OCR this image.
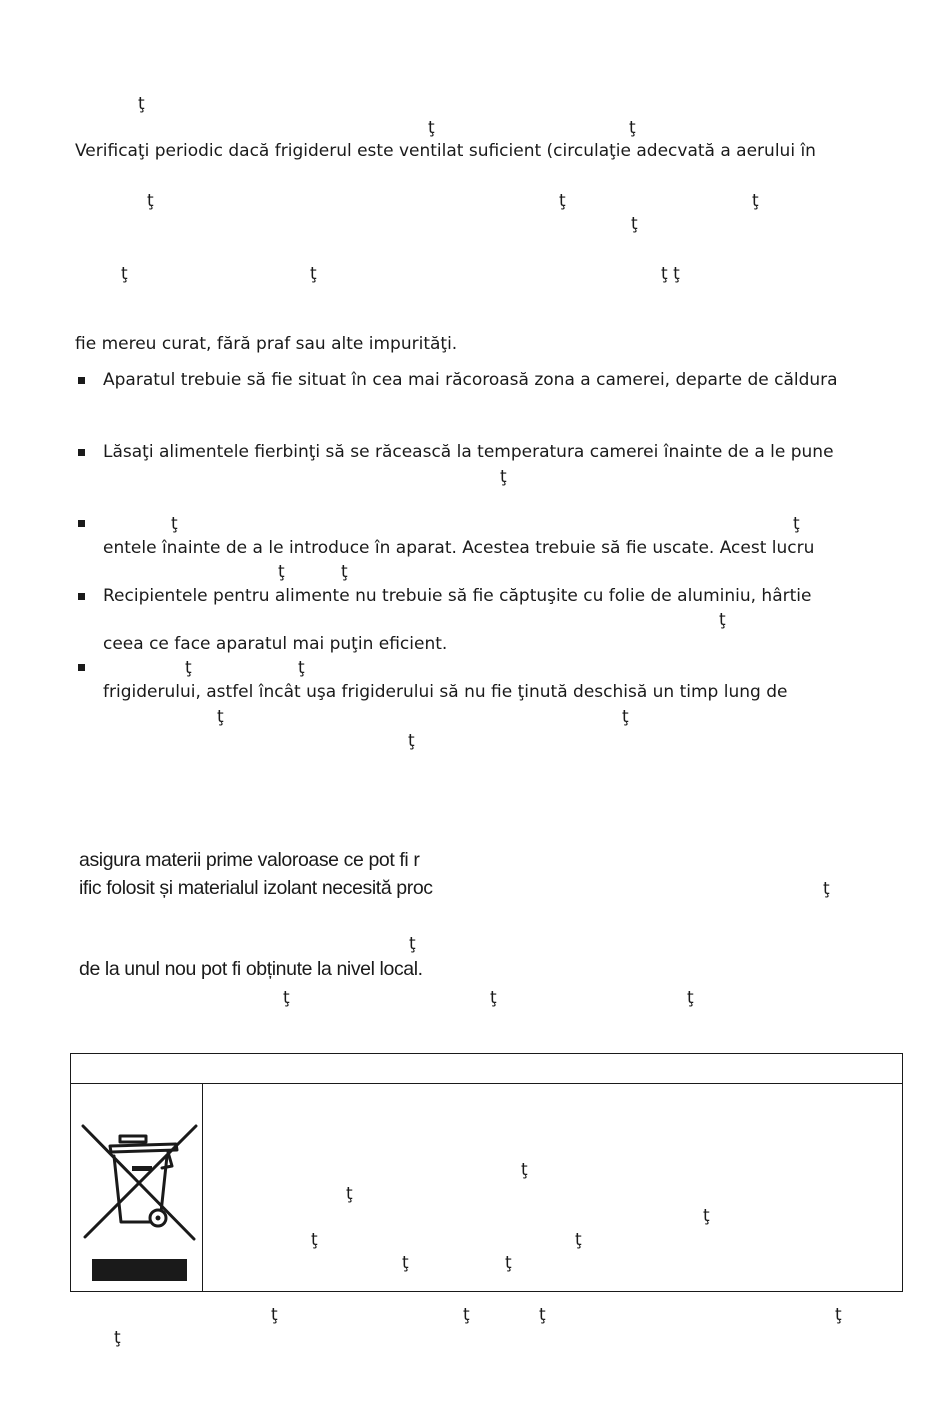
ţ
ţ	ţ
Verificaţi periodic dacă frigiderul este ventilat suficient (circulaţie adecvată a aerului în
ţ	ţ	ţ
ţ
ţ	ţ	ţ ţ
fie mereu curat, fără praf sau alte impurităţi.
Aparatul trebuie să fie situat în cea mai răcoroasă zona a camerei, departe de căldura
Lăsaţi alimentele fierbinţi să se răcească la temperatura camerei înainte de a le pune
ţ
ţ	ţ
entele înainte de a le introduce în aparat. Acestea trebuie să fie uscate. Acest lucru
ţ	ţ
Recipientele pentru alimente nu trebuie să fie căptuşite cu folie de aluminiu, hârtie
ţ
ceea ce face aparatul mai puţin eficient.
ţ	ţ
frigiderului, astfel încât uşa frigiderului să nu fie ţinută deschisă un timp lung de
ţ	ţ
ţ
asigura materii prime valoroase ce pot fi r
ific folosit și materialul izolant necesită proc	ţ
ţ
de la unul nou pot fi obținute la nivel local.
ţ	ţ	ţ
ţ
ţ
ţ
ţ	ţ
ţ	ţ
ţ	ţ	ţ	ţ
ţ
